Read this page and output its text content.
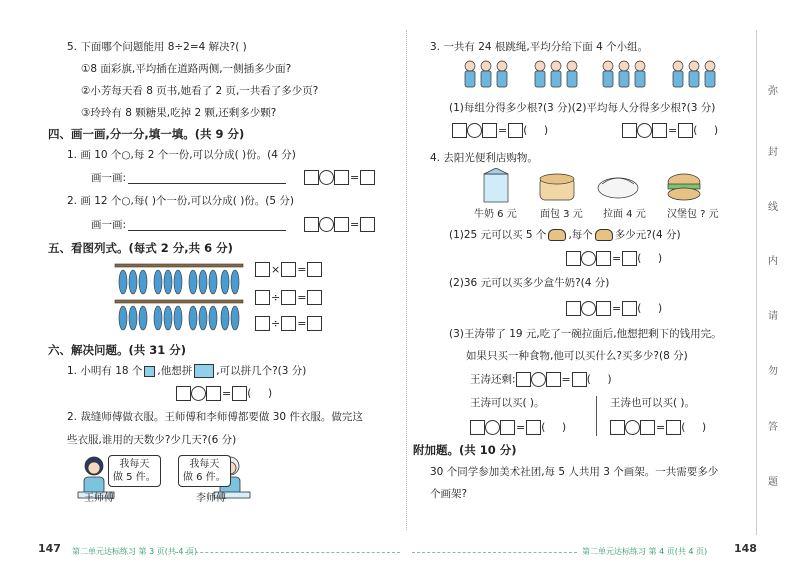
5. 下面哪个问题能用 8÷2=4 解决?( )
①8 面彩旗,平均插在道路两侧,一侧插多少面?
②小芳每天看 8 页书,她看了 2 页,一共看了多少页?
③玲玲有 8 颗糖果,吃掉 2 颗,还剩多少颗?
四、画一画,分一分,填一填。(共 9 分)
1. 画 10 个○,每 2 个一份,可以分成( )份。(4 分)
画一画:	=
2. 画 12 个○,每( )个一份,可以分成( )份。(5 分)
画一画:	=
五、看图列式。(每式 2 分,共 6 分)
× =
÷ =
÷ =
六、解决问题。(共 31 分)
1. 小明有 18 个 ,他想拼 ,可以拼几个?(3 分)
= (     )
2. 裁缝师傅做衣服。王师傅和李师傅都要做 30 件衣服。做完这
些衣服,谁用的天数少?少几天?(6 分)
我每天
做 5 件。
我每天
做 6 件。
王师傅	李师傅
147 第二单元达标练习 第 3 页(共 4 页)
3. 一共有 24 根跳绳,平均分给下面 4 个小组。
(1)每组分得多少根?(3 分)(2)平均每人分得多少根?(3 分)
= (     )	= (     )
4. 去阳光便利店购物。
牛奶 6 元 面包 3 元 拉面 4 元 汉堡包 ? 元
(1)25 元可以买 5 个 ,每个 多少元?(4 分)
= (     )
(2)36 元可以买多少盒牛奶?(4 分)
= (     )
(3)王涛带了 19 元,吃了一碗拉面后,他想把剩下的钱用完。
如果只买一种食物,他可以买什么?买多少?(8 分)
王涛还剩:	= (     )
王涛可以买( )。	王涛也可以买( )。
= (     )	= (     )
附加题。(共 10 分)
30 个同学参加美术社团,每 5 人共用 3 个画架。一共需要多少
个画架?
第二单元达标练习 第 4 页(共 4 页) 148
弥
封
线
内
请
勿
答
题
